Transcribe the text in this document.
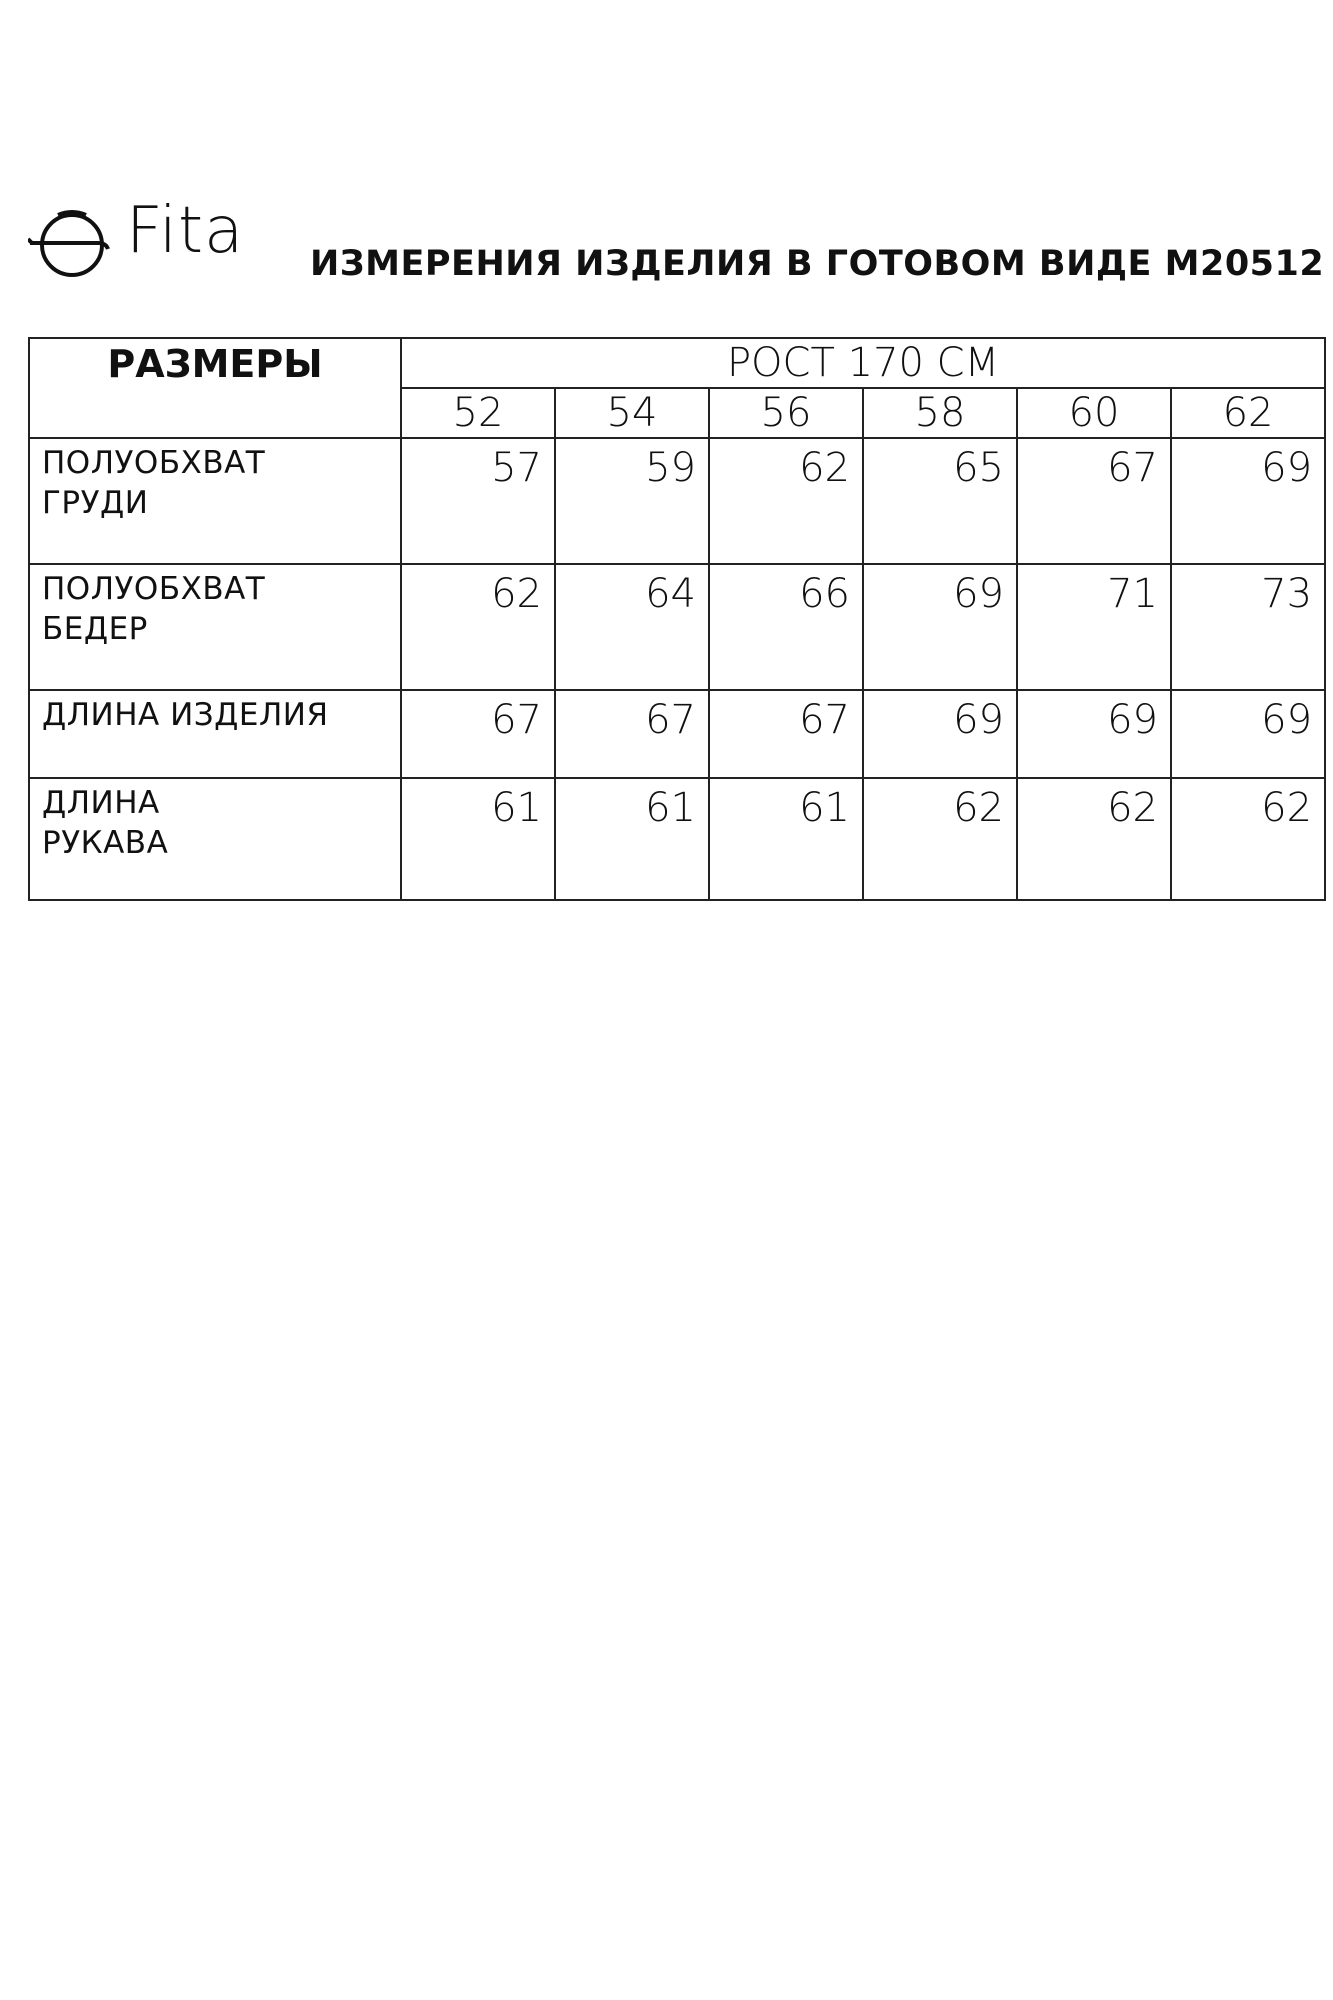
Fita ИЗМЕРЕНИЯ ИЗДЕЛИЯ В ГОТОВОМ ВИДЕ М20512
РАЗМЕРЫ	РОСТ 170 СМ					
	52	54	56	58	60	62

ПОЛУОБХВАТ
ГРУДИ	57	59	62	65	67	69

ПОЛУОБХВАТ
БЕДЕР	62	64	66	69	71	73

ДЛИНА ИЗДЕЛИЯ	67	67	67	69	69	69

ДЛИНА
РУКАВА	61	61	61	62	62	62
